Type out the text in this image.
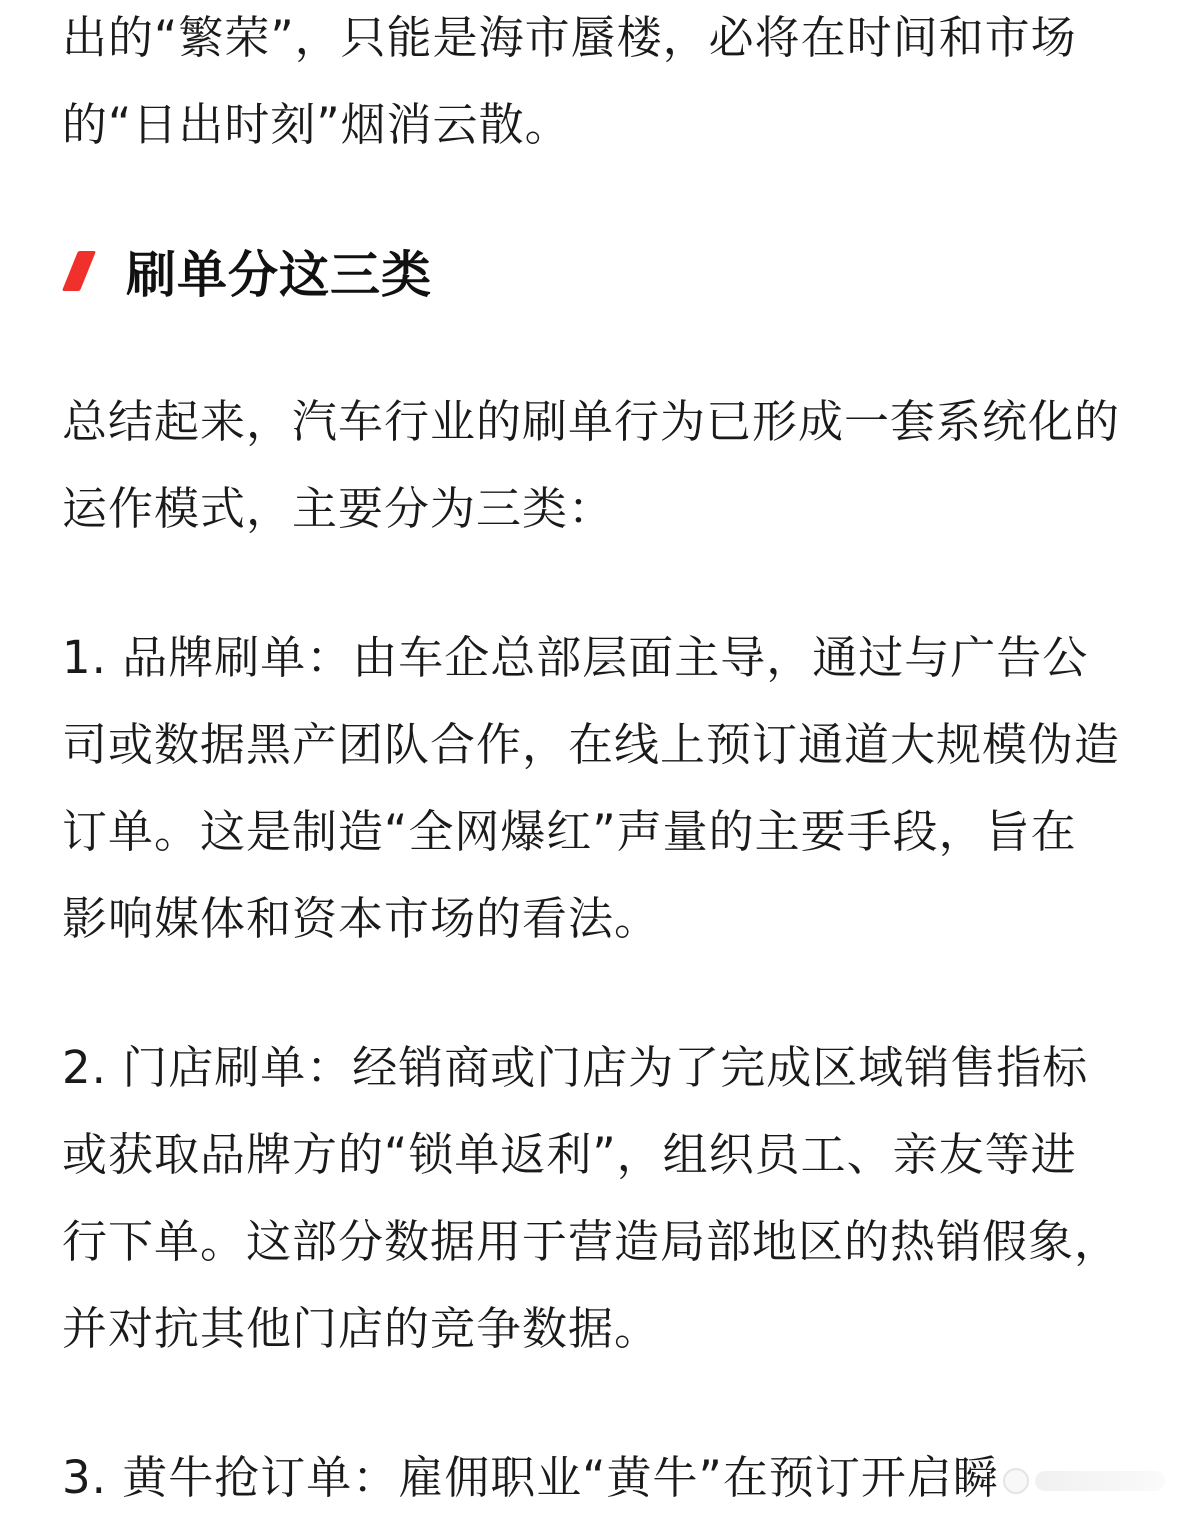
出的“繁荣”，只能是海市蜃楼，必将在时间和市场的“日出时刻”烟消云散。

刷单分这三类

总结起来，汽车行业的刷单行为已形成一套系统化的运作模式，主要分为三类：

1. 品牌刷单：由车企总部层面主导，通过与广告公司或数据黑产团队合作，在线上预订通道大规模伪造订单。这是制造“全网爆红”声量的主要手段，旨在影响媒体和资本市场的看法。

2. 门店刷单：经销商或门店为了完成区域销售指标或获取品牌方的“锁单返利”，组织员工、亲友等进行下单。这部分数据用于营造局部地区的热销假象，并对抗其他门店的竞争数据。

3. 黄牛抢订单：雇佣职业“黄牛”在预订开启瞬
